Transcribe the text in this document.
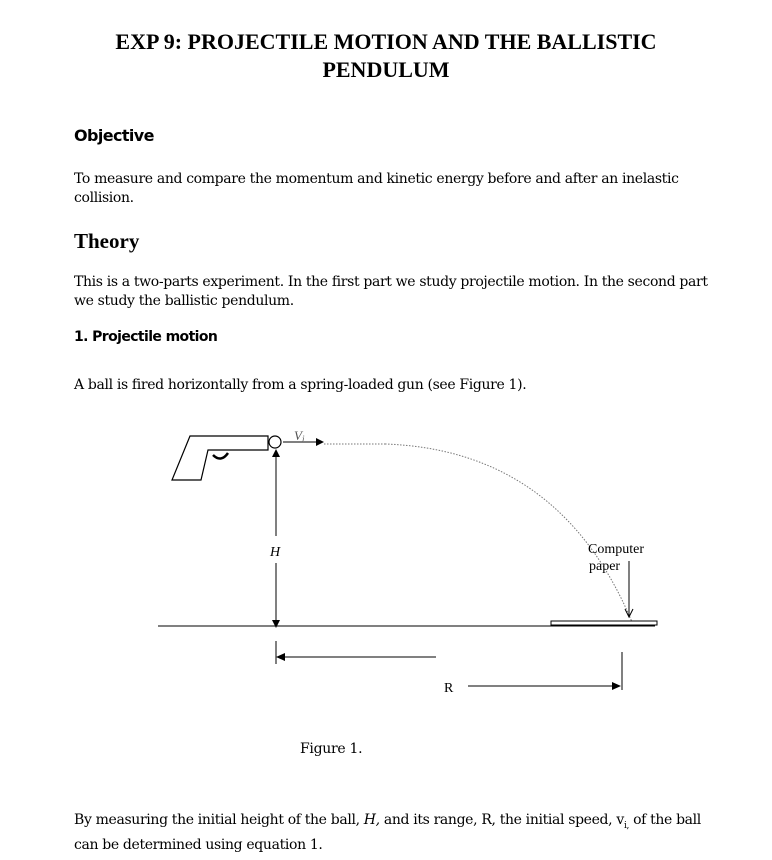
EXP 9: PROJECTILE MOTION AND THE BALLISTIC
PENDULUM
Objective
To measure and compare the momentum and kinetic energy before and after an inelastic collision.
Theory
This is a two-parts experiment. In the first part we study projectile motion. In the second part we study the ballistic pendulum.
1. Projectile motion
A ball is fired horizontally from a spring-loaded gun (see Figure 1).
Vi
H	Computer
paper
R
Figure 1.
By measuring the initial height of the ball, H, and its range, R, the initial speed, $v_{i,}$ of the ball can be determined using equation 1.
